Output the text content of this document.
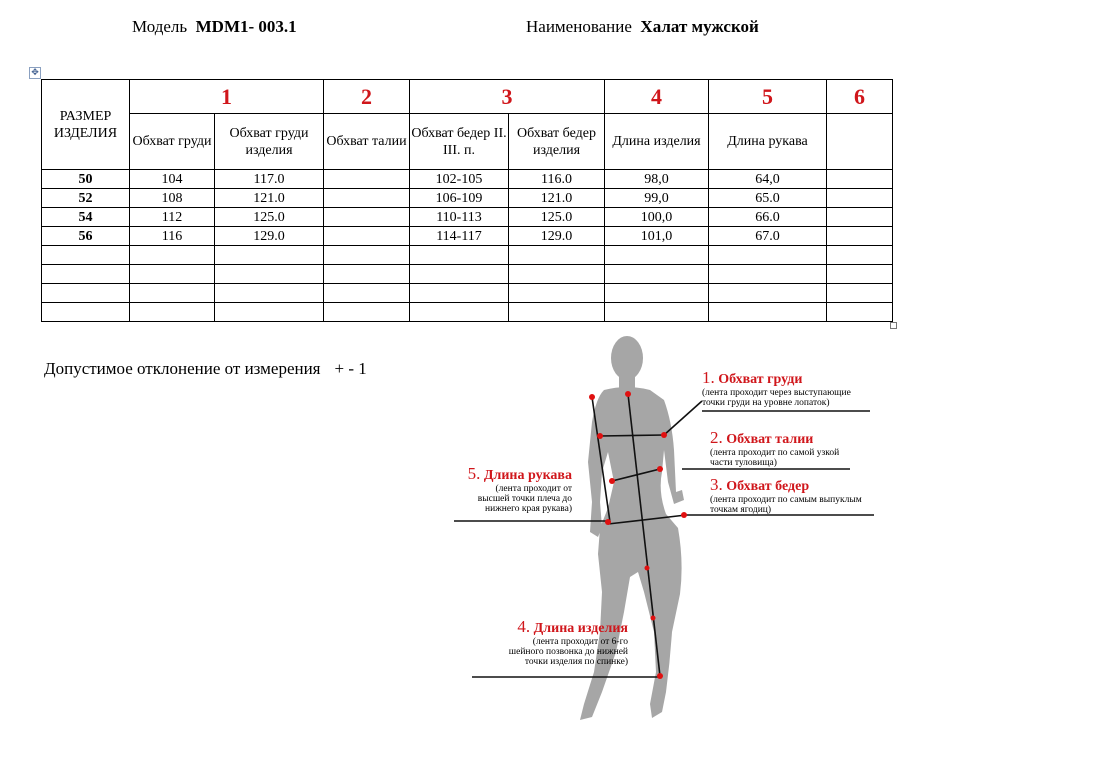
Модель MDM1- 003.1	Наименование Халат мужской
✥
РАЗМЕР ИЗДЕЛИЯ	1		2	3		4	5	6
	Обхват груди	Обхват груди изделия	Обхват талии	Обхват бедер II. III. п.	Обхват бедер изделия	Длина изделия	Длина рукава	
50	104	117.0		102-105	116.0	98,0	64,0	
52	108	121.0		106-109	121.0	99,0	65.0	
54	112	125.0		110-113	125.0	100,0	66.0	
56	116	129.0		114-117	129.0	101,0	67.0	

Допустимое отклонение от измерения + - 1	1. Обхват груди
(лента проходит через выступающие
точки груди на уровне лопаток)
2. Обхват талии
(лента проходит по самой узкой
части туловища)
3. Обхват бедер
(лента проходит по самым выпуклым
точкам ягодиц)
5. Длина рукава
(лента проходит от
высшей точки плеча до
нижнего края рукава)
4. Длина изделия
(лента проходит от 6-го
шейного позвонка до нижней
точки изделия по спинке)
